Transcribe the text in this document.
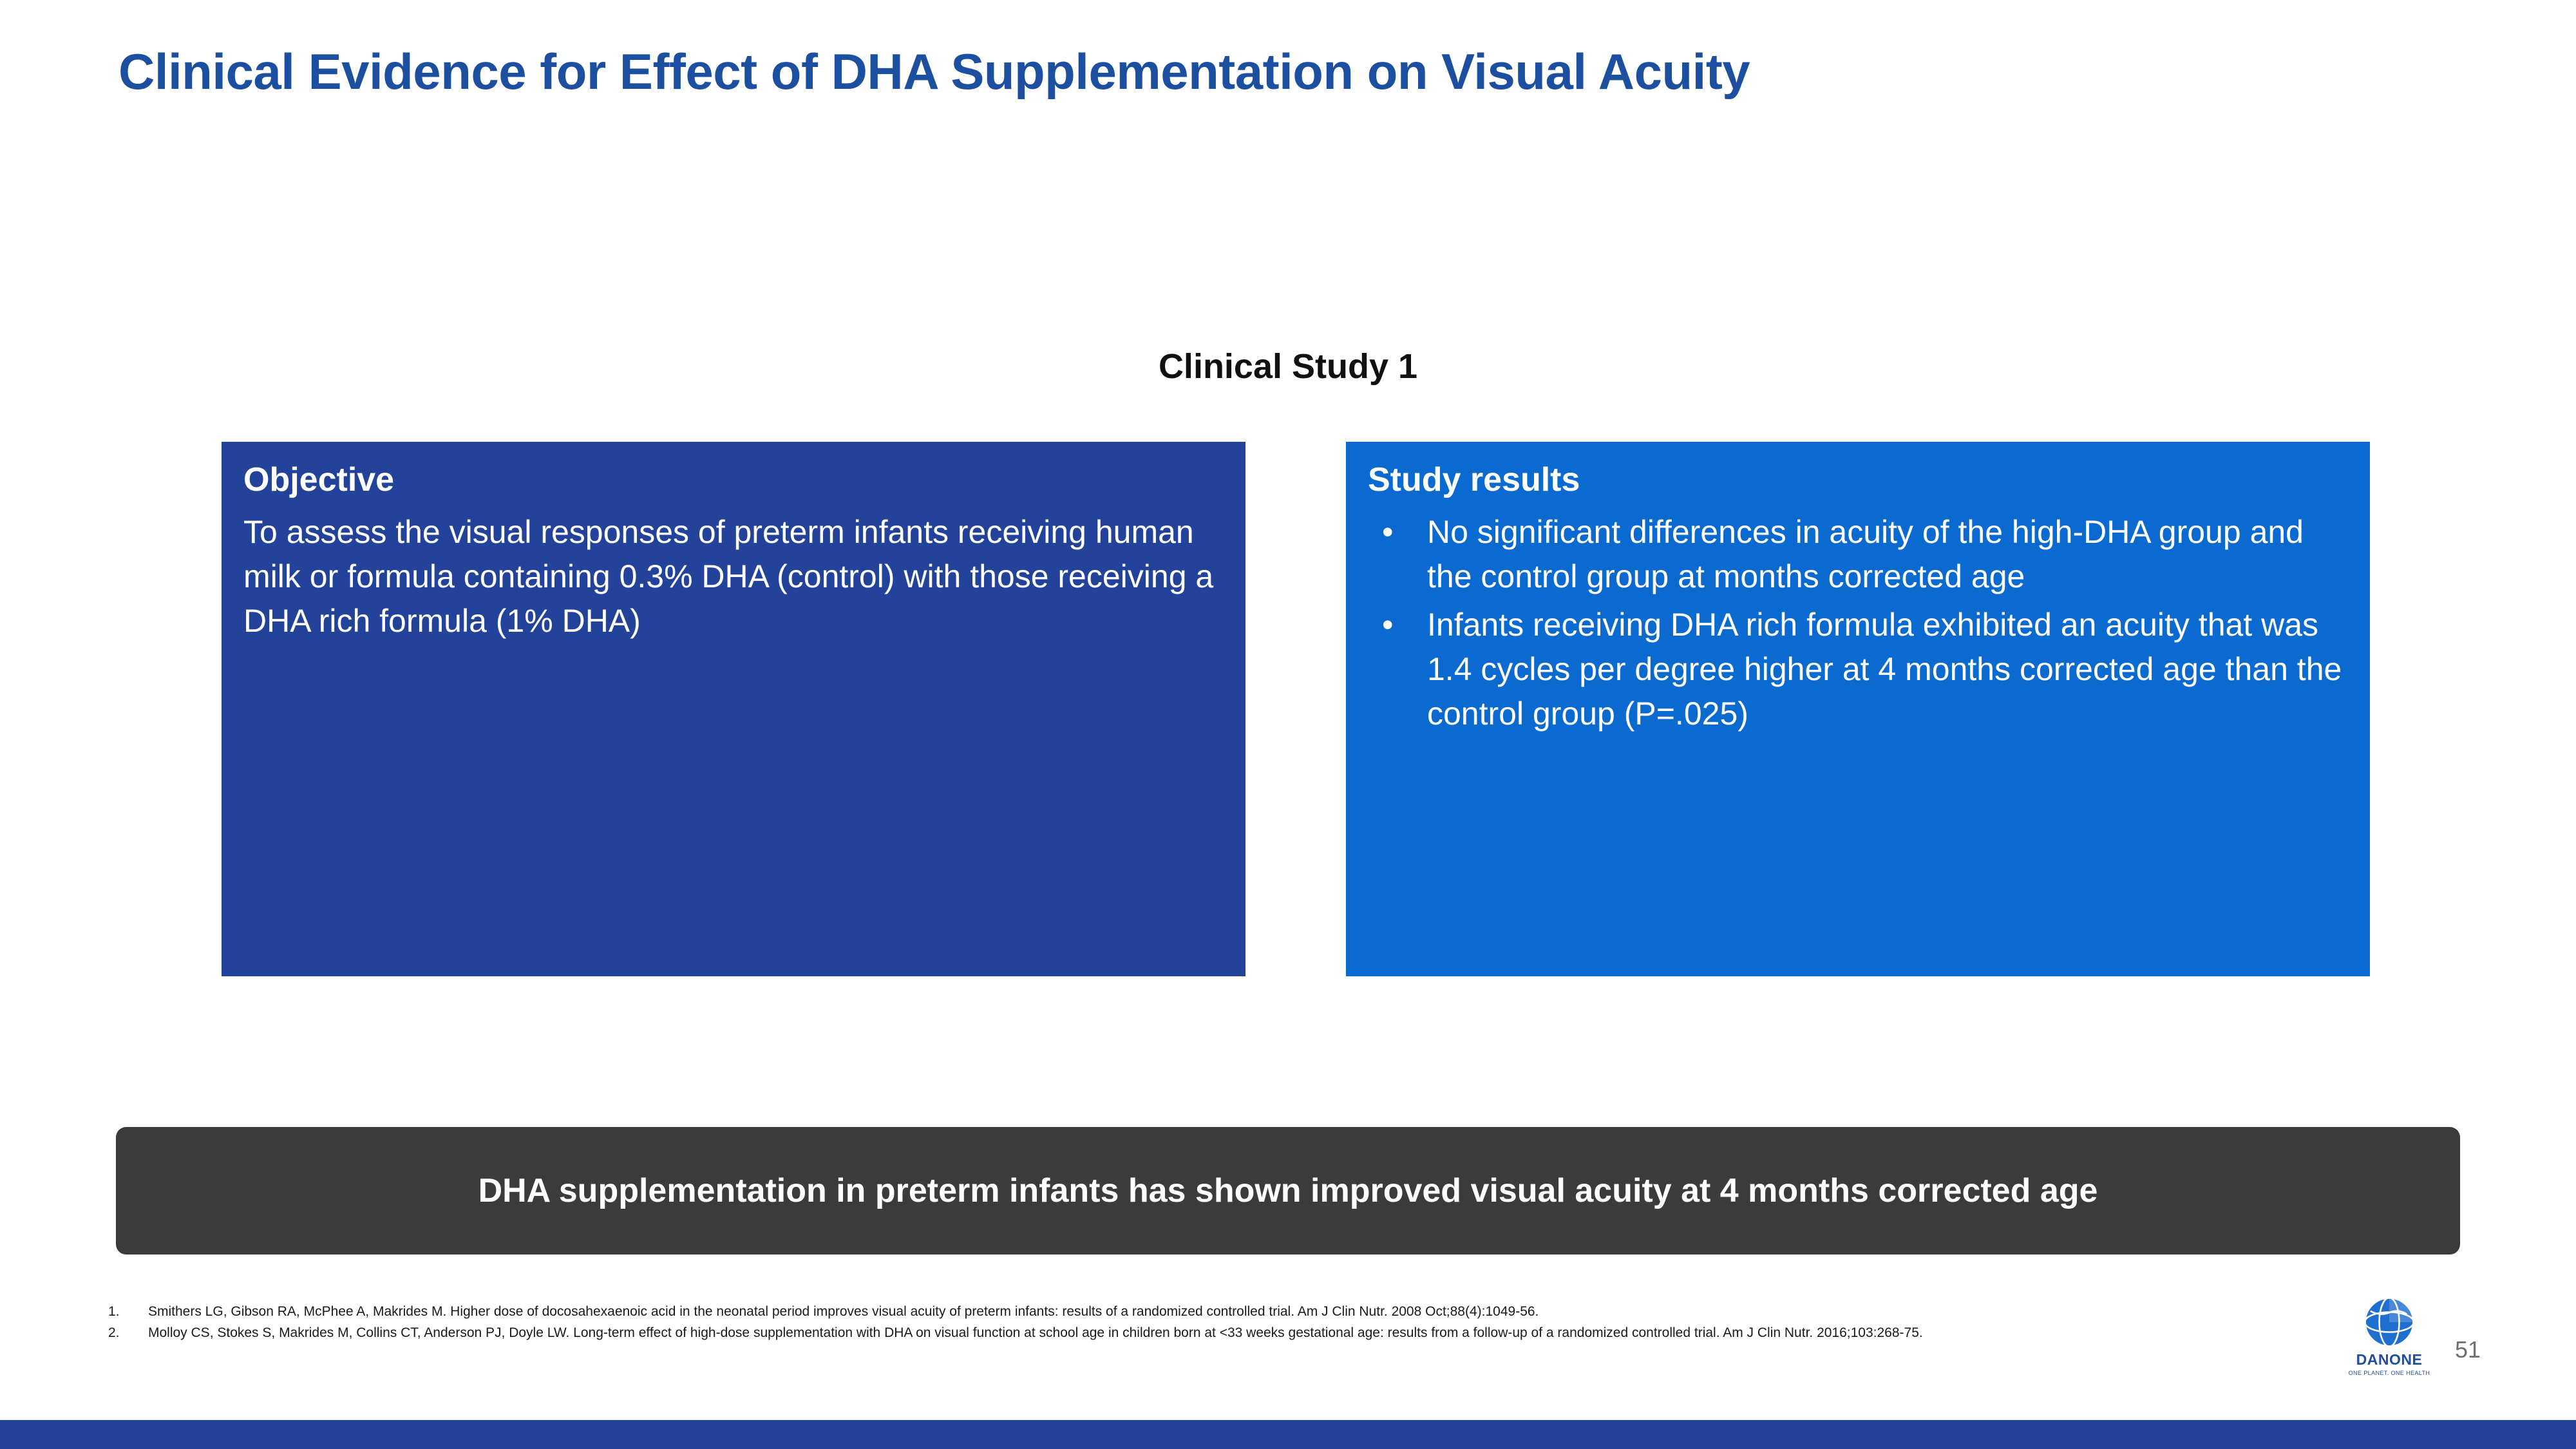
Clinical Evidence for Effect of DHA Supplementation on Visual Acuity
Clinical Study 1
Objective
To assess the visual responses of preterm infants receiving human milk or formula containing 0.3% DHA (control) with those receiving a DHA rich formula (1% DHA)
Study results
• No significant differences in acuity of the high-DHA group and the control group at months corrected age
• Infants receiving DHA rich formula exhibited an acuity that was 1.4 cycles per degree higher at 4 months corrected age than the control group (P=.025)
DHA supplementation in preterm infants has shown improved visual acuity at 4 months corrected age
1.	Smithers LG, Gibson RA, McPhee A, Makrides M. Higher dose of docosahexaenoic acid in the neonatal period improves visual acuity of preterm infants: results of a randomized controlled trial. Am J Clin Nutr. 2008 Oct;88(4):1049-56.
2.	Molloy CS, Stokes S, Makrides M, Collins CT, Anderson PJ, Doyle LW. Long-term effect of high-dose supplementation with DHA on visual function at school age in children born at <33 weeks gestational age: results from a follow-up of a randomized controlled trial. Am J Clin Nutr. 2016;103:268-75.
DANONE
ONE PLANET. ONE HEALTH
51
